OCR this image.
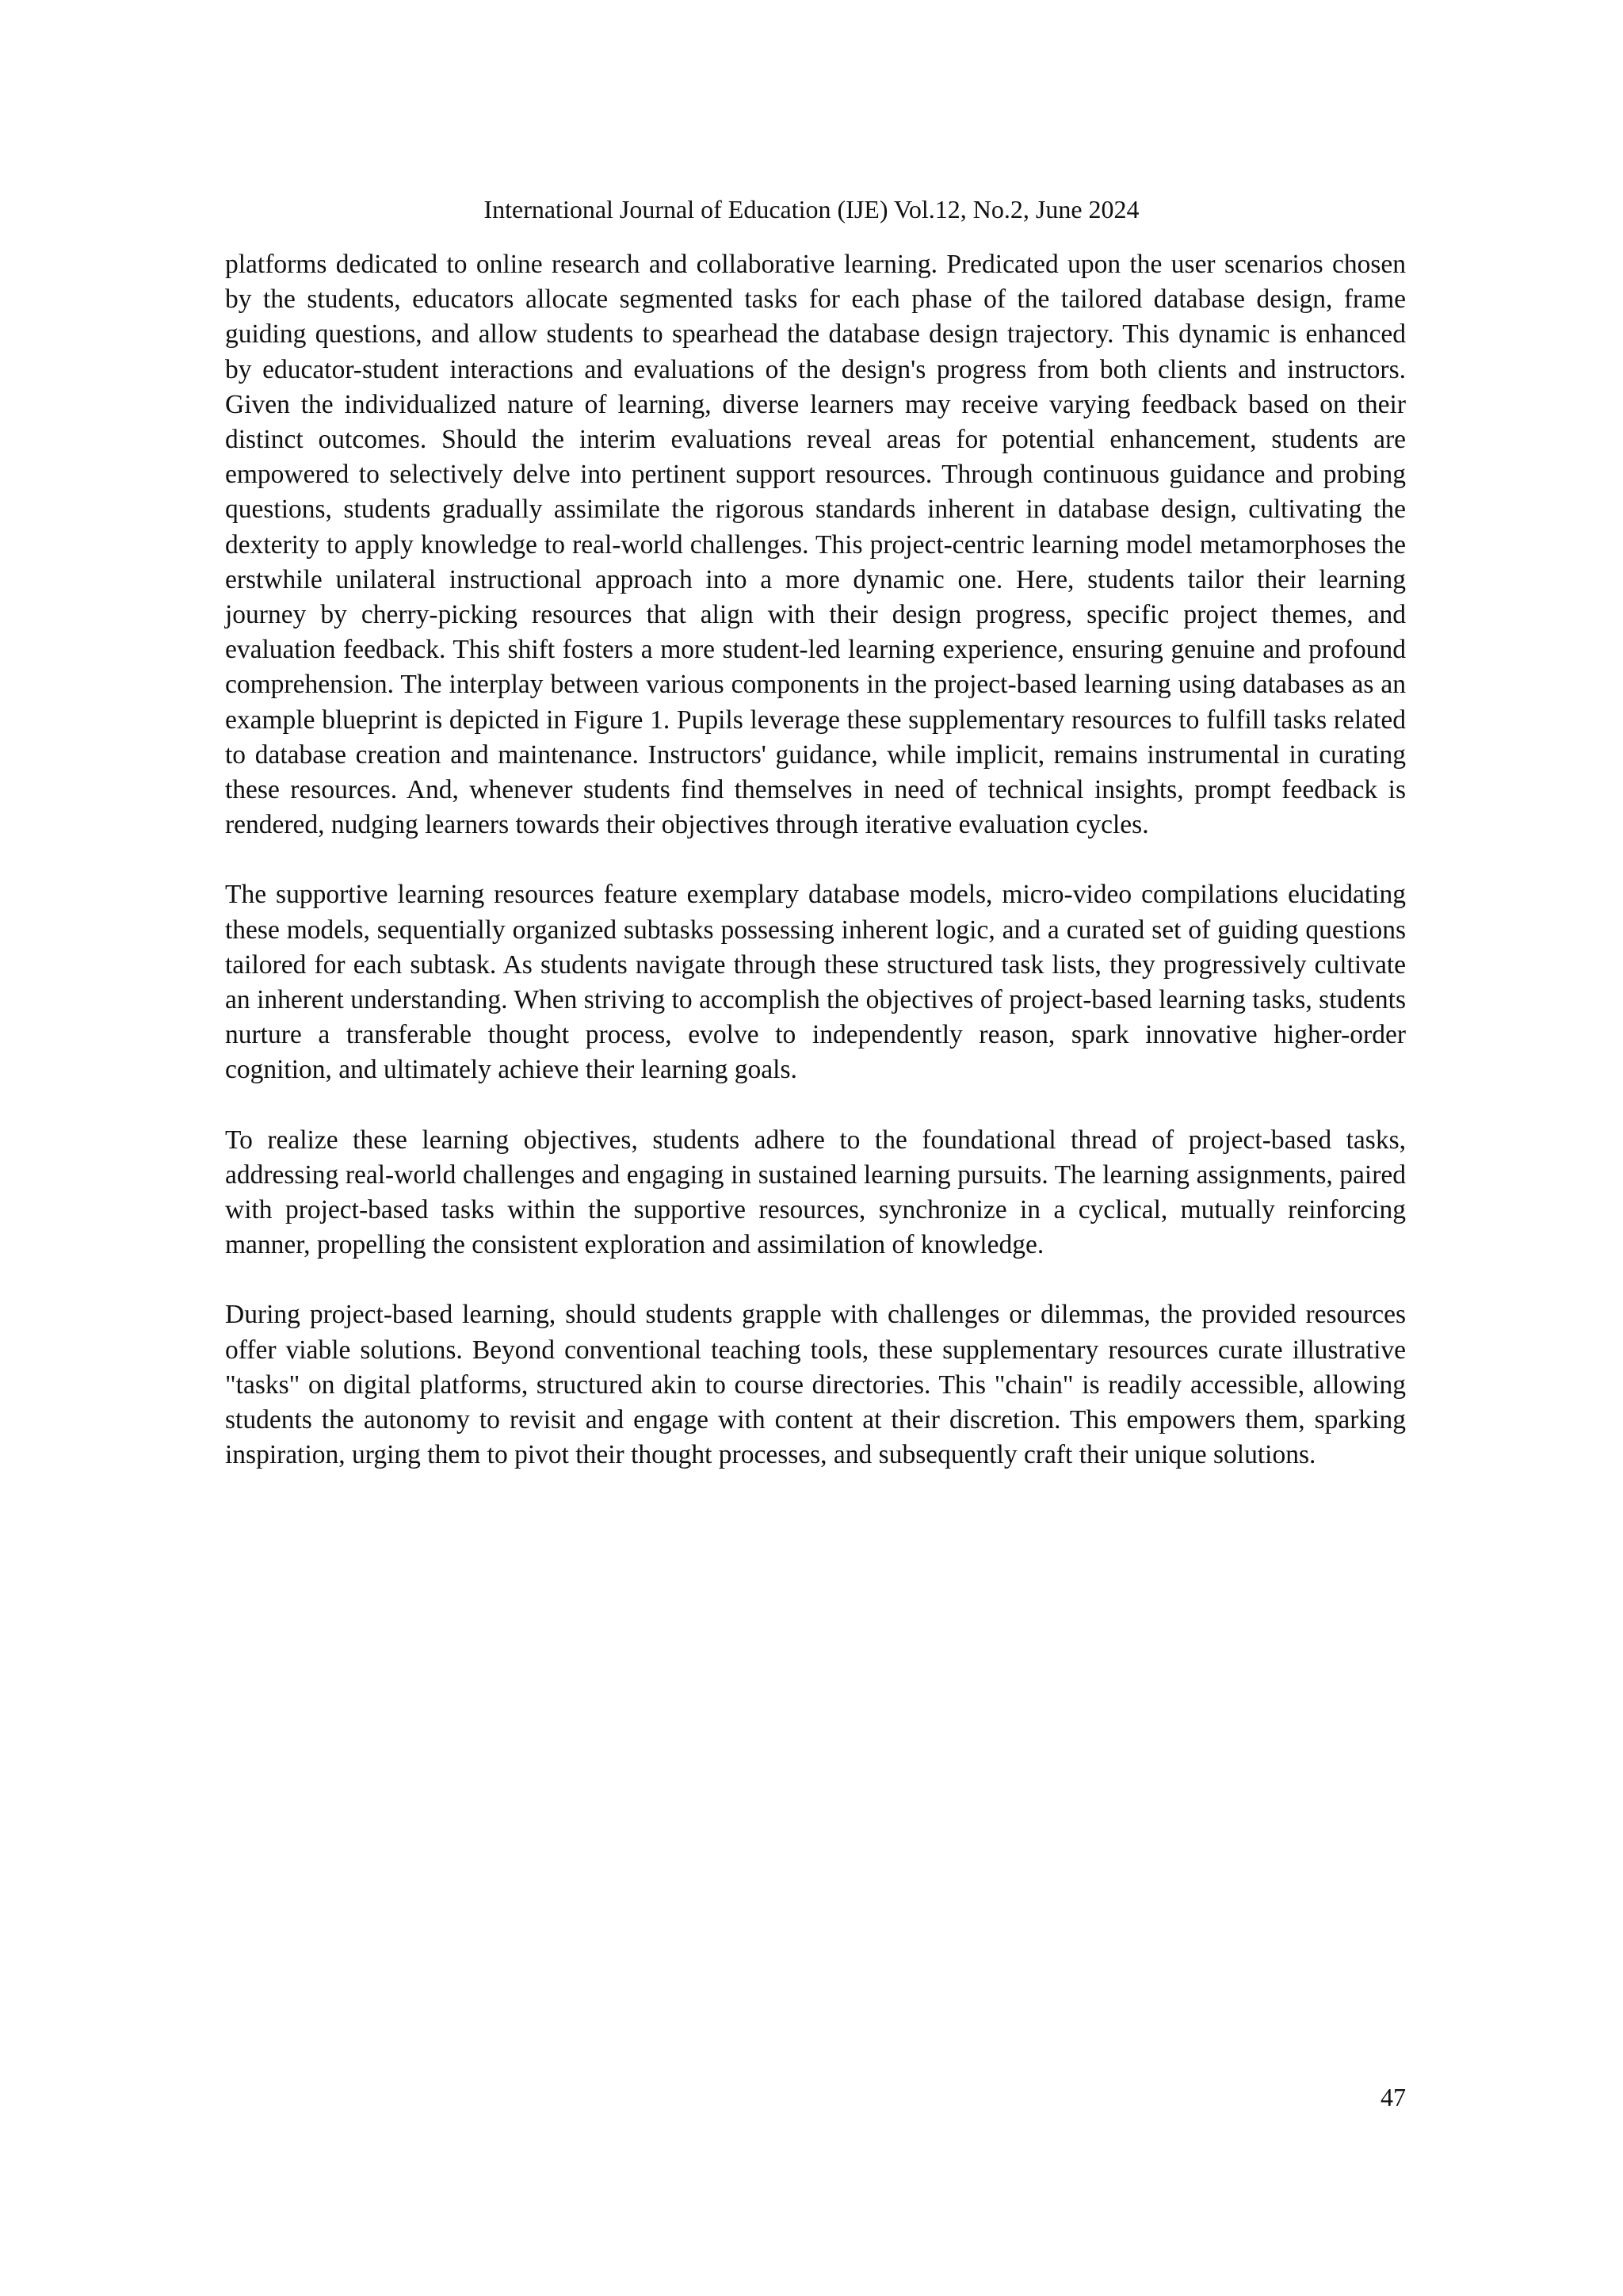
International Journal of Education (IJE) Vol.12, No.2, June 2024

platforms dedicated to online research and collaborative learning. Predicated upon the user scenarios chosen by the students, educators allocate segmented tasks for each phase of the tailored database design, frame guiding questions, and allow students to spearhead the database design trajectory. This dynamic is enhanced by educator-student interactions and evaluations of the design's progress from both clients and instructors. Given the individualized nature of learning, diverse learners may receive varying feedback based on their distinct outcomes. Should the interim evaluations reveal areas for potential enhancement, students are empowered to selectively delve into pertinent support resources. Through continuous guidance and probing questions, students gradually assimilate the rigorous standards inherent in database design, cultivating the dexterity to apply knowledge to real-world challenges. This project-centric learning model metamorphoses the erstwhile unilateral instructional approach into a more dynamic one. Here, students tailor their learning journey by cherry-picking resources that align with their design progress, specific project themes, and evaluation feedback. This shift fosters a more student-led learning experience, ensuring genuine and profound comprehension. The interplay between various components in the project-based learning using databases as an example blueprint is depicted in Figure 1. Pupils leverage these supplementary resources to fulfill tasks related to database creation and maintenance. Instructors' guidance, while implicit, remains instrumental in curating these resources. And, whenever students find themselves in need of technical insights, prompt feedback is rendered, nudging learners towards their objectives through iterative evaluation cycles.

The supportive learning resources feature exemplary database models, micro-video compilations elucidating these models, sequentially organized subtasks possessing inherent logic, and a curated set of guiding questions tailored for each subtask. As students navigate through these structured task lists, they progressively cultivate an inherent understanding. When striving to accomplish the objectives of project-based learning tasks, students nurture a transferable thought process, evolve to independently reason, spark innovative higher-order cognition, and ultimately achieve their learning goals.

To realize these learning objectives, students adhere to the foundational thread of project-based tasks, addressing real-world challenges and engaging in sustained learning pursuits. The learning assignments, paired with project-based tasks within the supportive resources, synchronize in a cyclical, mutually reinforcing manner, propelling the consistent exploration and assimilation of knowledge.

During project-based learning, should students grapple with challenges or dilemmas, the provided resources offer viable solutions. Beyond conventional teaching tools, these supplementary resources curate illustrative "tasks" on digital platforms, structured akin to course directories. This "chain" is readily accessible, allowing students the autonomy to revisit and engage with content at their discretion. This empowers them, sparking inspiration, urging them to pivot their thought processes, and subsequently craft their unique solutions.

47
